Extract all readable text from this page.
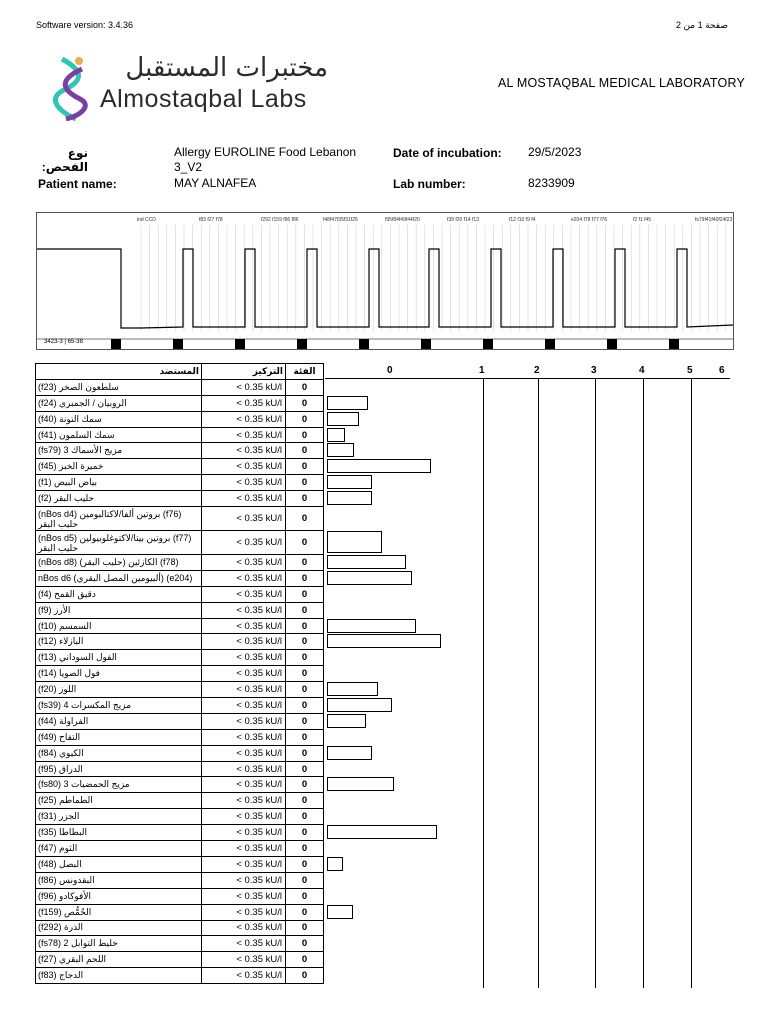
Software version: 3.4.36	صفحة 1 من 2
مختبرات المستقبل
Almostaqbal Labs
AL MOSTAQBAL MEDICAL LABORATORY
نوع الفحص:
Allergy EUROLINE Food Lebanon
3_V2
Date of incubation: 29/5/2023
Patient name:	MAY ALNAFEA	Lab number:	8233909
ind CCD	f83 f27 f78	f292 f159 f96 f86	f48f47f35f31f25	f95f84f49f44f20	f39 f20 f14 f13	f12 f10 f9 f4	e204 f78 f77 f76	f2 f1 f45	fs79f41f40f24f23
3423-3 | 65-38
المستضد	التركيز	الفئة
(f23) سلطعون الصخر	< 0.35 kU/l	0
(f24) الروبيان / الجمبري	< 0.35 kU/l	0
(f40) سمك التونة	< 0.35 kU/l	0
(f41) سمك السلمون	< 0.35 kU/l	0
(fs79) مزيج الأسماك 3	< 0.35 kU/l	0
(f45) خميرة الخبز	< 0.35 kU/l	0
(f1) بياض البيض	< 0.35 kU/l	0
(f2) حليب البقر	< 0.35 kU/l	0
(nBos d4) بروتين ألفا/لاكتالبومين (f76) حليب البقر	< 0.35 kU/l	0
(nBos d5) بروتين بيتا/لاكتوغلوبيولين (f77) حليب البقر	< 0.35 kU/l	0
(nBos d8) الكازئين (حليب البقر) (f78)	< 0.35 kU/l	0
nBos d6 (ألبيومين المصل البقري) (e204)	< 0.35 kU/l	0
(f4) دقيق القمح	< 0.35 kU/l	0
(f9) الأرز	< 0.35 kU/l	0
(f10) السمسم	< 0.35 kU/l	0
(f12) البازلاء	< 0.35 kU/l	0
(f13) الفول السوداني	< 0.35 kU/l	0
(f14) فول الصويا	< 0.35 kU/l	0
(f20) اللوز	< 0.35 kU/l	0
(fs39) مزيج المكسرات 4	< 0.35 kU/l	0
(f44) الفراولة	< 0.35 kU/l	0
(f49) التفاح	< 0.35 kU/l	0
(f84) الكيوي	< 0.35 kU/l	0
(f95) الدراق	< 0.35 kU/l	0
(fs80) مزيج الحمضيات 3	< 0.35 kU/l	0
(f25) الطماطم	< 0.35 kU/l	0
(f31) الجزر	< 0.35 kU/l	0
(f35) البطاطا	< 0.35 kU/l	0
(f47) الثوم	< 0.35 kU/l	0
(f48) البصل	< 0.35 kU/l	0
(f86) البقدونس	< 0.35 kU/l	0
(f96) الأفوكادو	< 0.35 kU/l	0
(f159) الحُمُّص	< 0.35 kU/l	0
(f292) الذرة	< 0.35 kU/l	0
(fs78) خليط التوابل 2	< 0.35 kU/l	0
(f27) اللحم البقري	< 0.35 kU/l	0
(f83) الدجاج	< 0.35 kU/l	0
0	1	2	3	4	5	6
